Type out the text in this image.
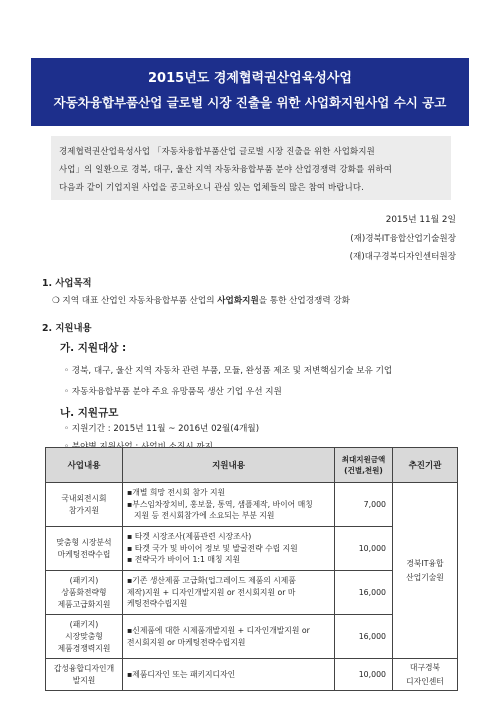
2015년도 경제협력권산업육성사업
자동차융합부품산업 글로벌 시장 진출을 위한 사업화지원사업 수시 공고
경제협력권산업육성사업 「자동차융합부품산업 글로벌 시장 진출을 위한 사업화지원
사업」의 일환으로 경북, 대구, 울산 지역 자동차융합부품 분야 산업경쟁력 강화를 위하여
다음과 같이 기업지원 사업을 공고하오니 관심 있는 업체들의 많은 참여 바랍니다.
2015년 11월 2일
(재)경북IT융합산업기술원장
(재)대구경북디자인센터원장
1. 사업목적
❍ 지역 대표 산업인 자동차융합부품 산업의 사업화지원을 통한 산업경쟁력 강화
2. 지원내용
가. 지원대상 :
◦ 경북, 대구, 울산 지역 자동차 관련 부품, 모듈, 완성품 제조 및 저변핵심기술 보유 기업
◦ 자동차융합부품 분야 주요 유망품목 생산 기업 우선 지원
나. 지원규모
◦ 지원기간 : 2015년 11월 ~ 2016년 02월(4개월)
사업내용	지원내용	최대지원금액
(건별,천원)	추진기관

국내외전시회
참가지원	▪개별 희망 전시회 참가 지원
▪부스임차장치비, 홍보물, 통역, 샘플제작, 바이어 매칭
지원 등 전시회참가에 소요되는 부분 지원	7,000	경북IT융합
산업기술원

맞춤형 시장분석
마케팅전략수립	▪ 타겟 시장조사(제품관련 시장조사)
▪ 타겟 국가 및 바이어 정보 및 발굴전략 수립 지원
▪ 전략국가 바이어 1:1 매칭 지원	10,000	

(패키지)
상품화전략형
제품고급화지원	▪기존 생산제품 고급화(업그레이드 제품의 시제품
제작)지원 + 디자인개발지원 or 전시회지원 or 마
케팅전략수립지원	16,000	

(패키지)
시장맞춤형
제품경쟁력지원	▪신제품에 대한 시제품개발지원 + 디자인개발지원 or
전시회지원 or 마케팅전략수립지원	16,000	

갑성융합디자인개
발지원	▪제품디자인 또는 패키지디자인	10,000	대구경북
디자인센터
